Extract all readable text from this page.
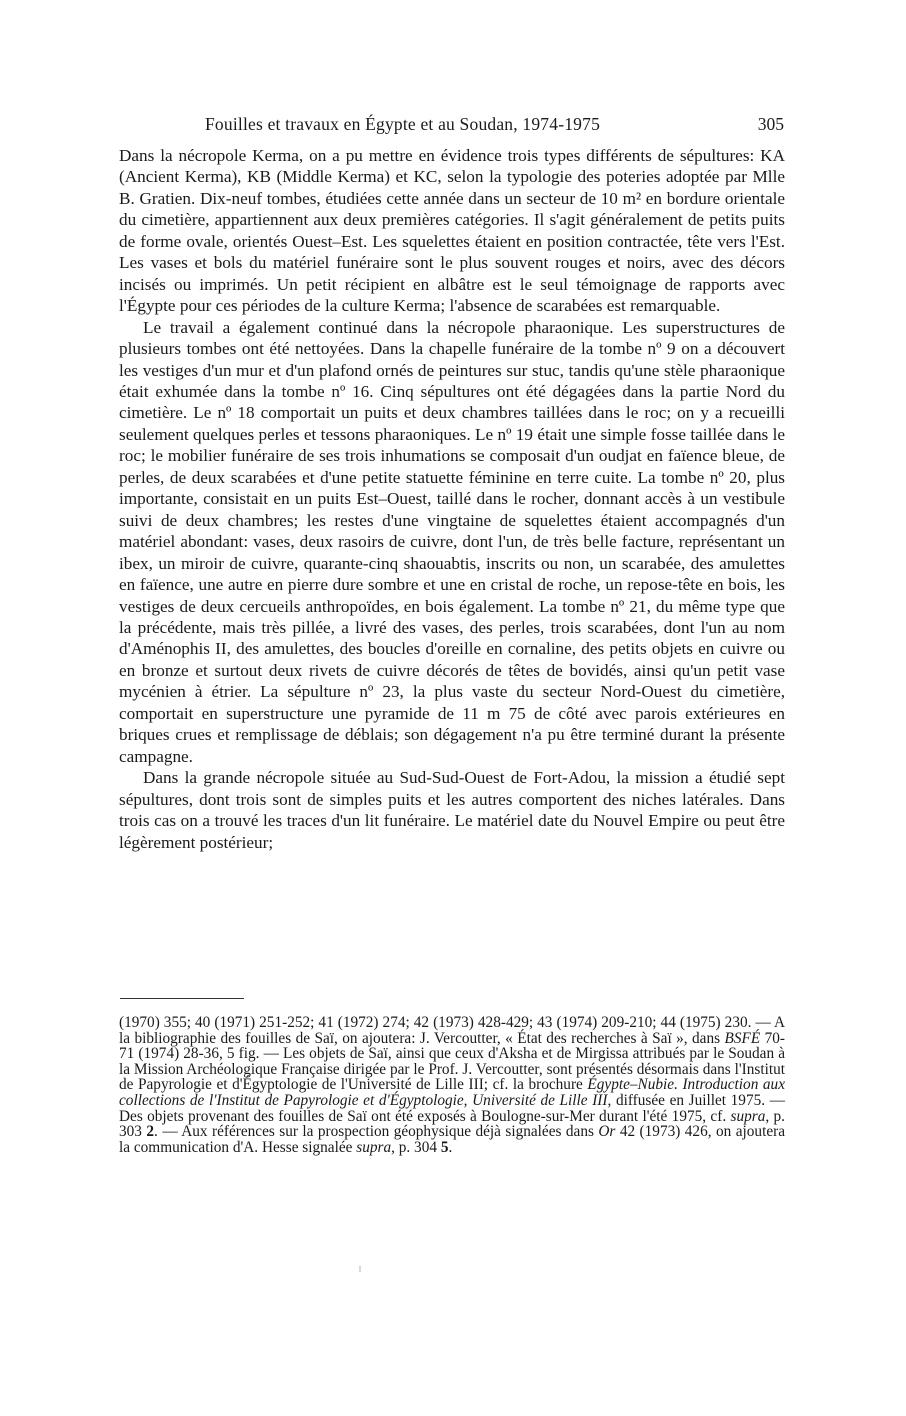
Fouilles et travaux en Égypte et au Soudan, 1974-1975	305

Dans la nécropole Kerma, on a pu mettre en évidence trois types différents de sépultures: KA (Ancient Kerma), KB (Middle Kerma) et KC, selon la typologie des poteries adoptée par Mlle B. Gratien. Dix-neuf tombes, étudiées cette année dans un secteur de 10 m² en bordure orientale du cimetière, appartiennent aux deux premières catégories. Il s'agit généralement de petits puits de forme ovale, orientés Ouest–Est. Les squelettes étaient en position contractée, tête vers l'Est. Les vases et bols du matériel funéraire sont le plus souvent rouges et noirs, avec des décors incisés ou imprimés. Un petit récipient en albâtre est le seul témoignage de rapports avec l'Égypte pour ces périodes de la culture Kerma; l'absence de scarabées est remarquable.

Le travail a également continué dans la nécropole pharaonique. Les superstructures de plusieurs tombes ont été nettoyées. Dans la chapelle funéraire de la tombe nº 9 on a découvert les vestiges d'un mur et d'un plafond ornés de peintures sur stuc, tandis qu'une stèle pharaonique était exhumée dans la tombe nº 16. Cinq sépultures ont été dégagées dans la partie Nord du cimetière. Le nº 18 comportait un puits et deux chambres taillées dans le roc; on y a recueilli seulement quelques perles et tessons pharaoniques. Le nº 19 était une simple fosse taillée dans le roc; le mobilier funéraire de ses trois inhumations se composait d'un oudjat en faïence bleue, de perles, de deux scarabées et d'une petite statuette féminine en terre cuite. La tombe nº 20, plus importante, consistait en un puits Est–Ouest, taillé dans le rocher, donnant accès à un vestibule suivi de deux chambres; les restes d'une vingtaine de squelettes étaient accompagnés d'un matériel abondant: vases, deux rasoirs de cuivre, dont l'un, de très belle facture, représentant un ibex, un miroir de cuivre, quarante-cinq shaouabtis, inscrits ou non, un scarabée, des amulettes en faïence, une autre en pierre dure sombre et une en cristal de roche, un repose-tête en bois, les vestiges de deux cercueils anthropoïdes, en bois également. La tombe nº 21, du même type que la précédente, mais très pillée, a livré des vases, des perles, trois scarabées, dont l'un au nom d'Aménophis II, des amulettes, des boucles d'oreille en cornaline, des petits objets en cuivre ou en bronze et surtout deux rivets de cuivre décorés de têtes de bovidés, ainsi qu'un petit vase mycénien à étrier. La sépulture nº 23, la plus vaste du secteur Nord-Ouest du cimetière, comportait en superstructure une pyramide de 11 m 75 de côté avec parois extérieures en briques crues et remplissage de déblais; son dégagement n'a pu être terminé durant la présente campagne.

Dans la grande nécropole située au Sud-Sud-Ouest de Fort-Adou, la mission a étudié sept sépultures, dont trois sont de simples puits et les autres comportent des niches latérales. Dans trois cas on a trouvé les traces d'un lit funéraire. Le matériel date du Nouvel Empire ou peut être légèrement postérieur;

(1970) 355; 40 (1971) 251-252; 41 (1972) 274; 42 (1973) 428-429; 43 (1974) 209-210; 44 (1975) 230. — A la bibliographie des fouilles de Saï, on ajoutera: J. Vercoutter, « État des recherches à Saï », dans BSFÉ 70-71 (1974) 28-36, 5 fig. — Les objets de Saï, ainsi que ceux d'Aksha et de Mirgissa attribués par le Soudan à la Mission Archéologique Française dirigée par le Prof. J. Vercoutter, sont présentés désormais dans l'Institut de Papyrologie et d'Égyptologie de l'Université de Lille III; cf. la brochure Égypte–Nubie. Introduction aux collections de l'Institut de Papyrologie et d'Égyptologie, Université de Lille III, diffusée en Juillet 1975. — Des objets provenant des fouilles de Saï ont été exposés à Boulogne-sur-Mer durant l'été 1975, cf. supra, p. 303 2. — Aux références sur la prospection géophysique déjà signalées dans Or 42 (1973) 426, on ajoutera la communication d'A. Hesse signalée supra, p. 304 5.
